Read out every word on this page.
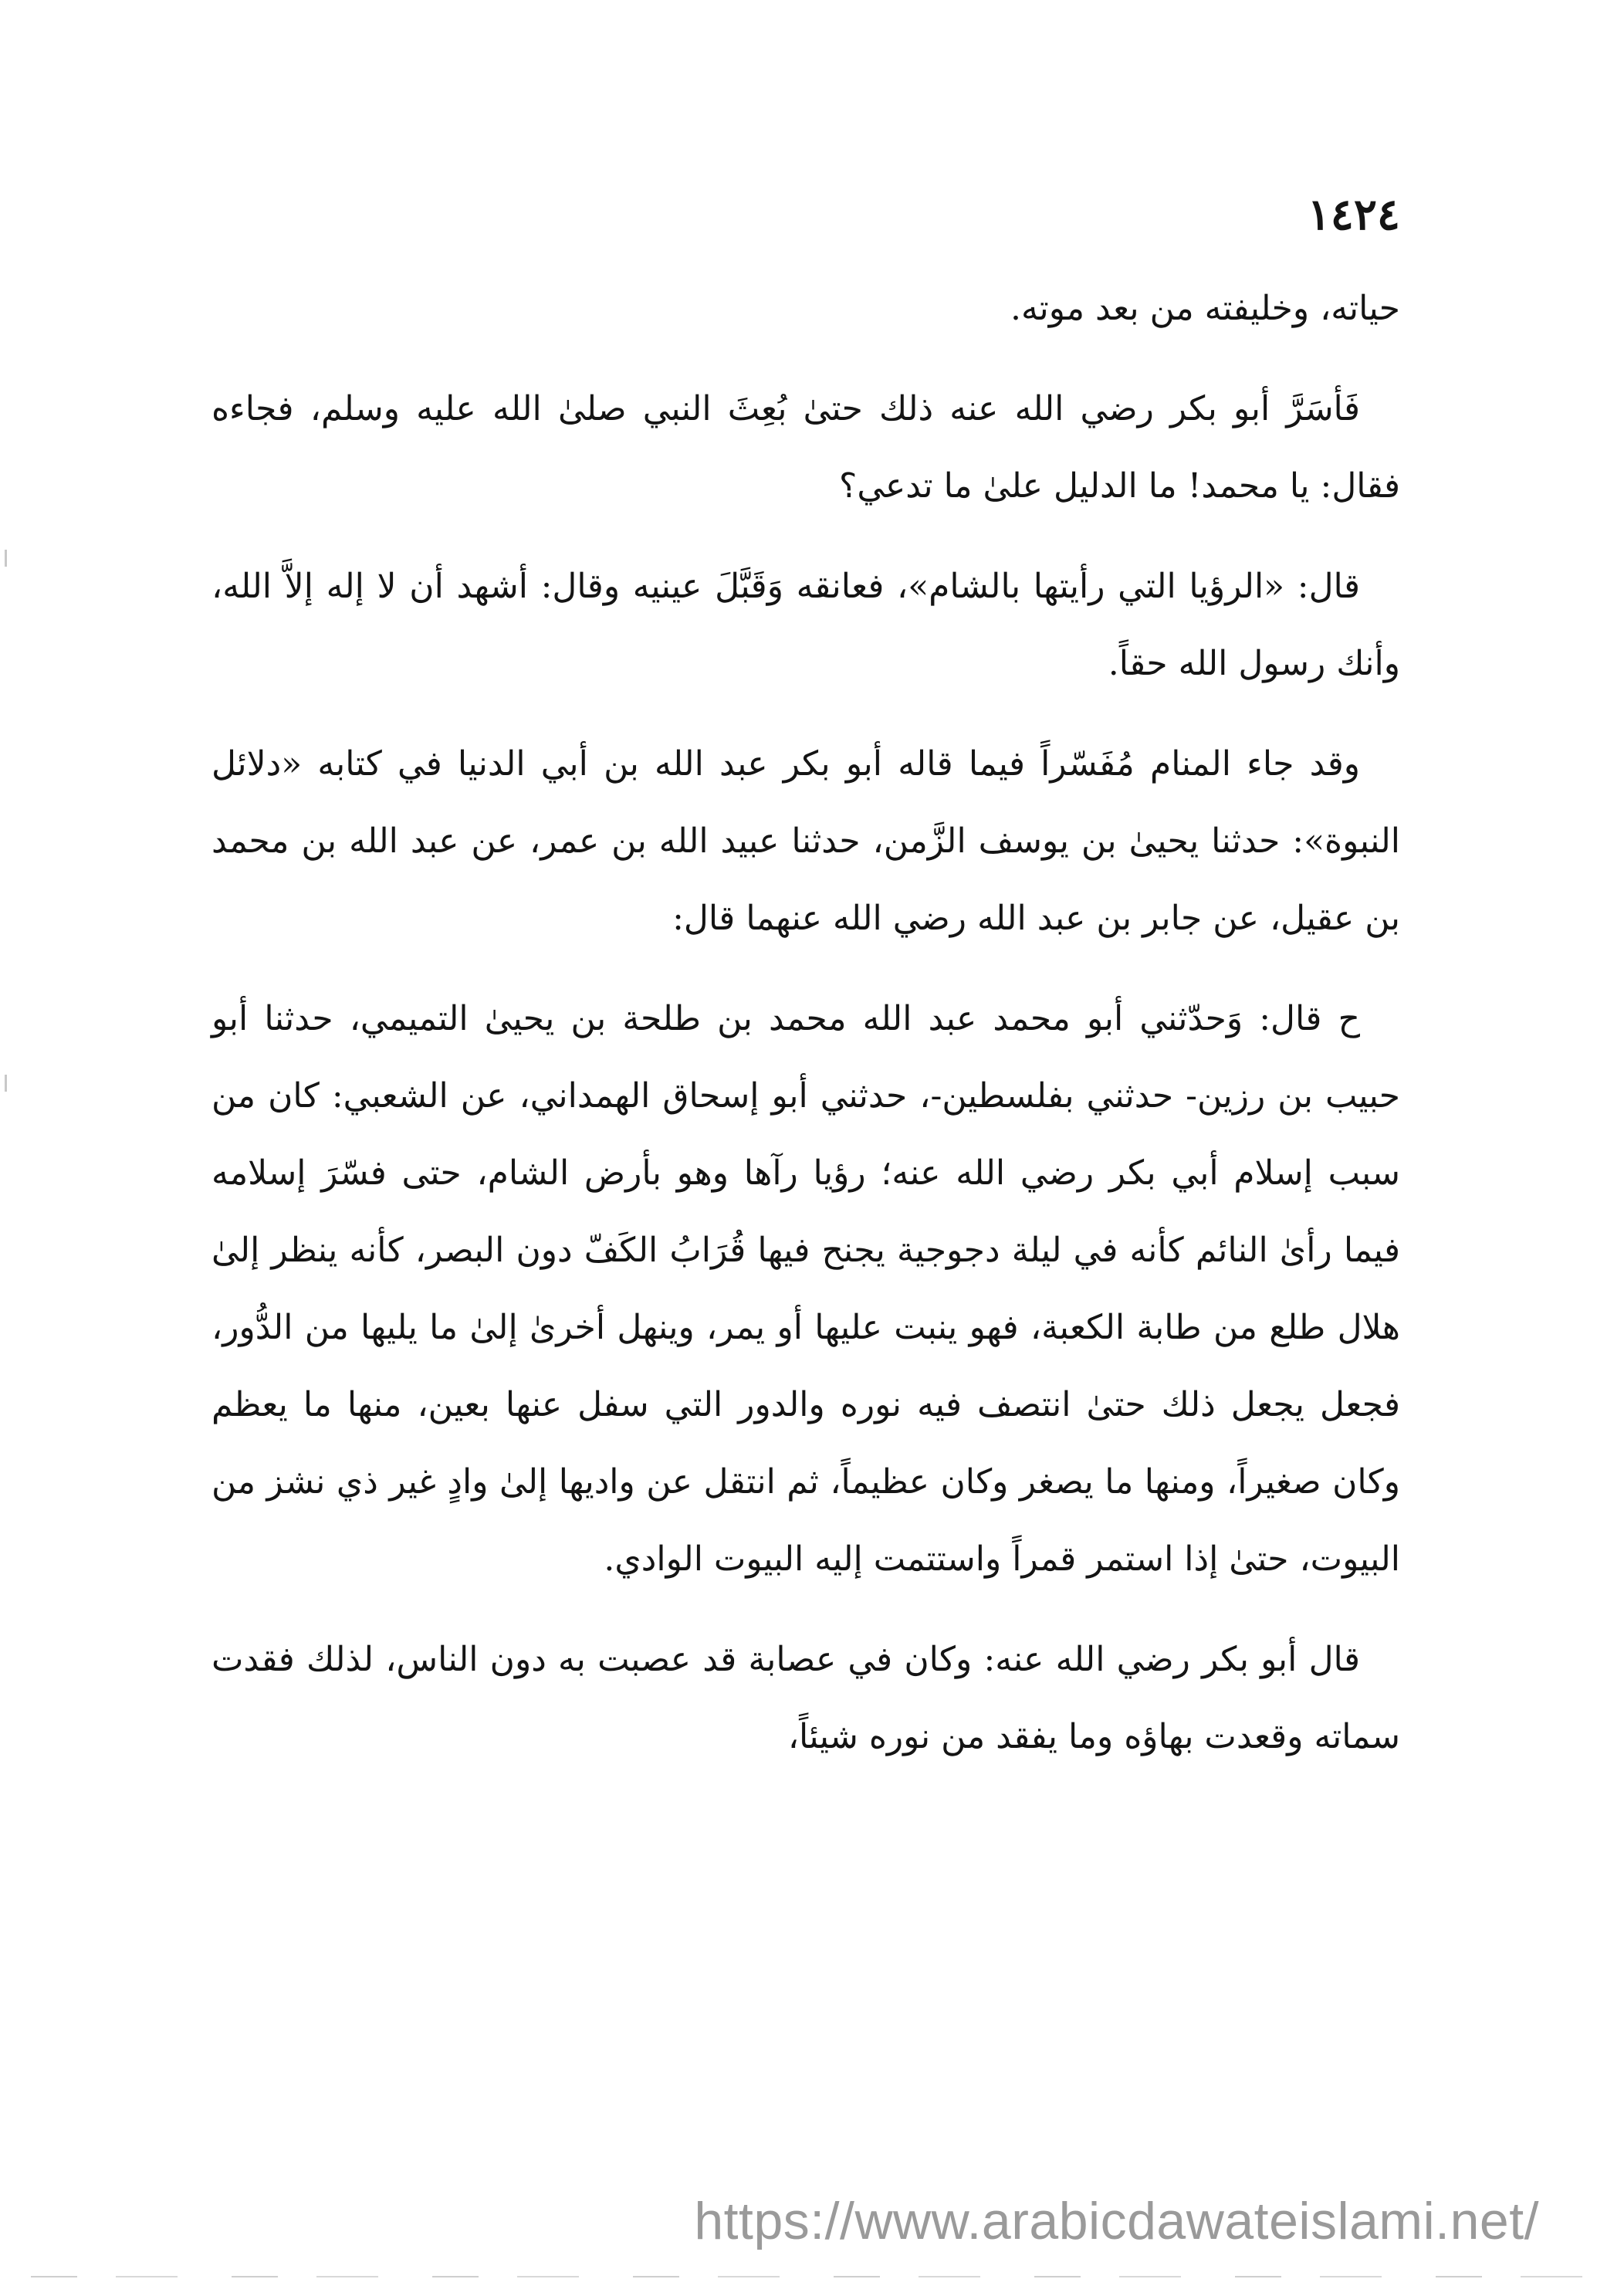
١٤٢٤

حياته، وخليفته من بعد موته.

فَأسَرَّ أبو بكر رضي الله عنه ذلك حتىٰ بُعِثَ النبي صلىٰ الله عليه وسلم، فجاءه فقال: يا محمد! ما الدليل علىٰ ما تدعي؟

قال: «الرؤيا التي رأيتها بالشام»، فعانقه وَقَبَّلَ عينيه وقال: أشهد أن لا إله إلاَّ الله، وأنك رسول الله حقاً.

وقد جاء المنام مُفَسّراً فيما قاله أبو بكر عبد الله بن أبي الدنيا في كتابه «دلائل النبوة»: حدثنا يحيىٰ بن يوسف الزَّمن، حدثنا عبيد الله بن عمر، عن عبد الله بن محمد بن عقيل، عن جابر بن عبد الله رضي الله عنهما قال:

ح قال: وَحدّثني أبو محمد عبد الله محمد بن طلحة بن يحيىٰ التميمي، حدثنا أبو حبيب بن رزين- حدثني بفلسطين-، حدثني أبو إسحاق الهمداني، عن الشعبي: كان من سبب إسلام أبي بكر رضي الله عنه؛ رؤيا رآها وهو بأرض الشام، حتى فسّرَ إسلامه فيما رأىٰ النائم كأنه في ليلة دجوجية يجنح فيها قُرَابُ الكَفّ دون البصر، كأنه ينظر إلىٰ هلال طلع من طابة الكعبة، فهو ينبت عليها أو يمر، وينهل أخرىٰ إلىٰ ما يليها من الدُّور، فجعل يجعل ذلك حتىٰ انتصف فيه نوره والدور التي سفل عنها بعين، منها ما يعظم وكان صغيراً، ومنها ما يصغر وكان عظيماً، ثم انتقل عن واديها إلىٰ وادٍ غير ذي نشز من البيوت، حتىٰ إذا استمر قمراً واستتمت إليه البيوت الوادي.

قال أبو بكر رضي الله عنه: وكان في عصابة قد عصبت به دون الناس، لذلك فقدت سماته وقعدت بهاؤه وما يفقد من نوره شيئاً،

https://www.arabicdawateislami.net/
